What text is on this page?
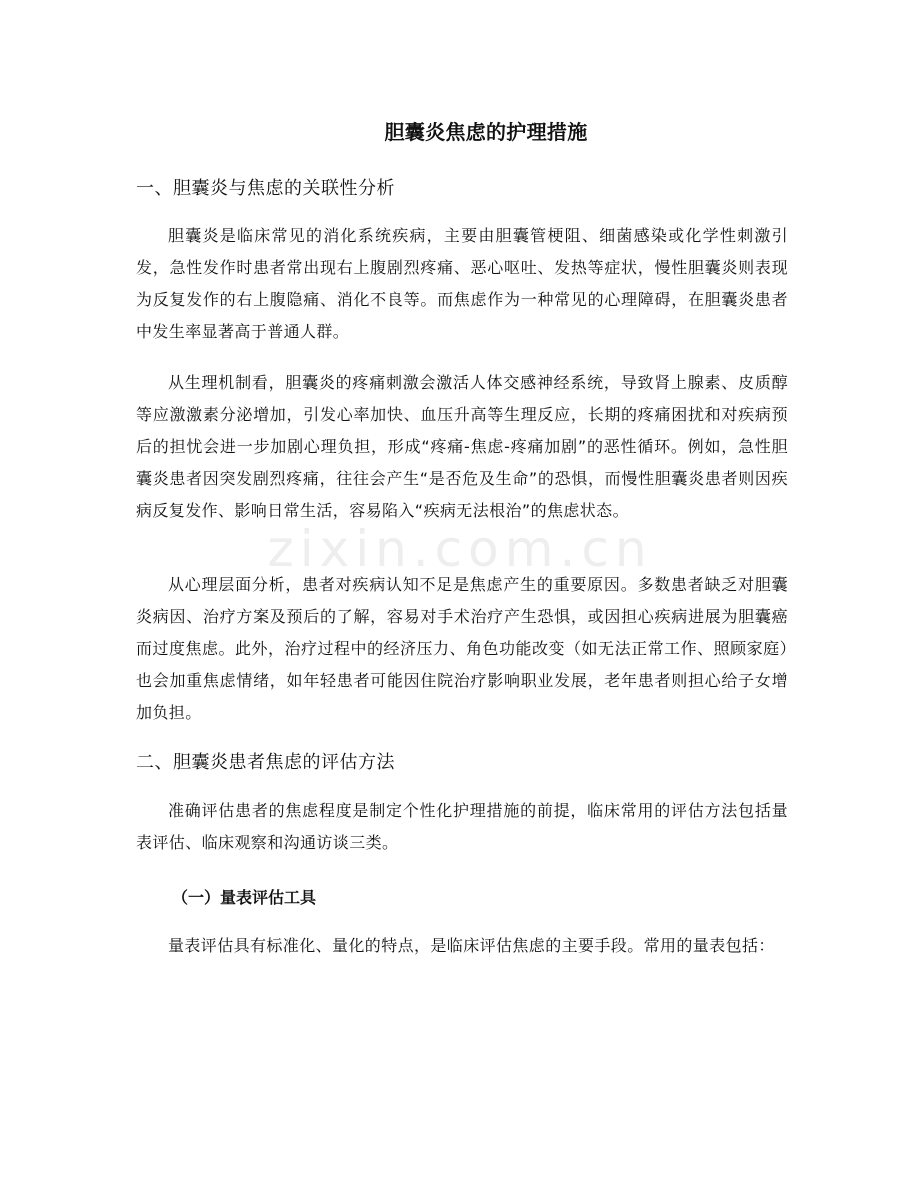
zixin.com.cn
胆囊炎焦虑的护理措施
一、胆囊炎与焦虑的关联性分析

胆囊炎是临床常见的消化系统疾病，主要由胆囊管梗阻、细菌感染或化学性刺激引发，急性发作时患者常出现右上腹剧烈疼痛、恶心呕吐、发热等症状，慢性胆囊炎则表现为反复发作的右上腹隐痛、消化不良等。而焦虑作为一种常见的心理障碍，在胆囊炎患者中发生率显著高于普通人群。

从生理机制看，胆囊炎的疼痛刺激会激活人体交感神经系统，导致肾上腺素、皮质醇等应激激素分泌增加，引发心率加快、血压升高等生理反应，长期的疼痛困扰和对疾病预后的担忧会进一步加剧心理负担，形成“疼痛-焦虑-疼痛加剧”的恶性循环。例如，急性胆囊炎患者因突发剧烈疼痛，往往会产生“是否危及生命”的恐惧，而慢性胆囊炎患者则因疾病反复发作、影响日常生活，容易陷入“疾病无法根治”的焦虑状态。

从心理层面分析，患者对疾病认知不足是焦虑产生的重要原因。多数患者缺乏对胆囊炎病因、治疗方案及预后的了解，容易对手术治疗产生恐惧，或因担心疾病进展为胆囊癌而过度焦虑。此外，治疗过程中的经济压力、角色功能改变（如无法正常工作、照顾家庭）也会加重焦虑情绪，如年轻患者可能因住院治疗影响职业发展，老年患者则担心给子女增加负担。

二、胆囊炎患者焦虑的评估方法

准确评估患者的焦虑程度是制定个性化护理措施的前提，临床常用的评估方法包括量表评估、临床观察和沟通访谈三类。

（一）量表评估工具

量表评估具有标准化、量化的特点，是临床评估焦虑的主要手段。常用的量表包括：
